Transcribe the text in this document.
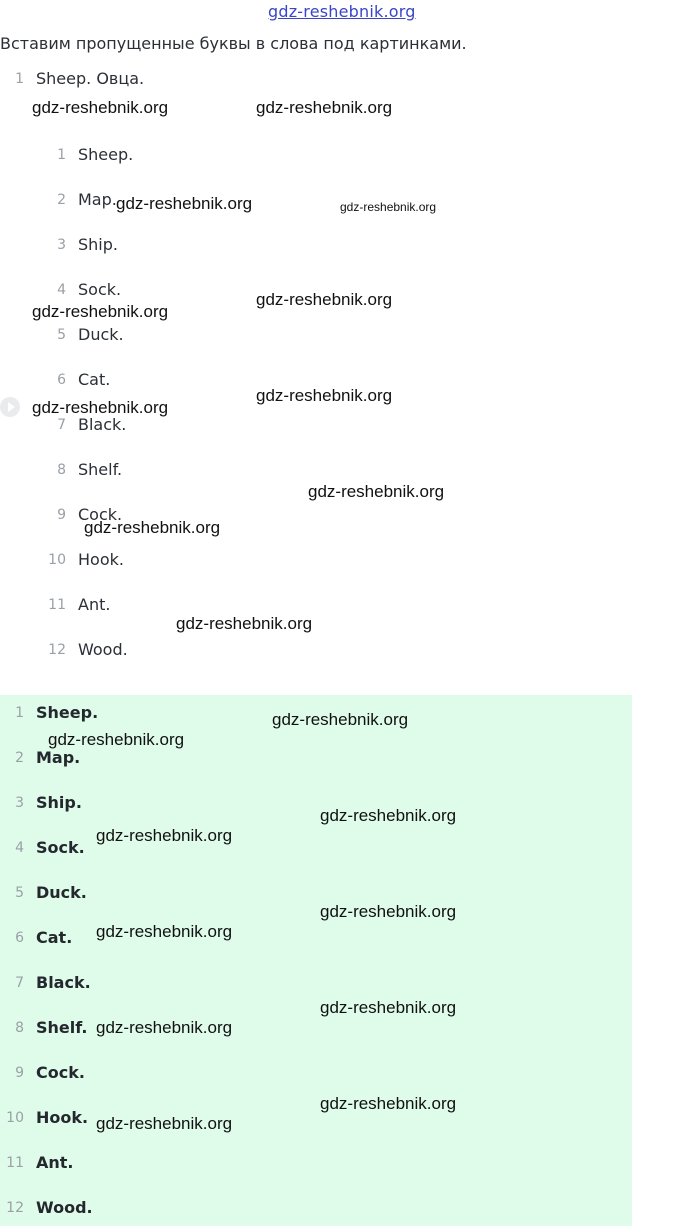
gdz-reshebnik.org
Вставим пропущенные буквы в слова под картинками.
1 Sheep. Овца.
1 Sheep.
2 Map.
3 Ship.
4 Sock.
5 Duck.
6 Cat.
7 Black.
8 Shelf.
9 Cock.
10 Hook.
11 Ant.
12 Wood.
1 Sheep.
2 Map.
3 Ship.
4 Sock.
5 Duck.
6 Cat.
7 Black.
8 Shelf.
9 Cock.
10 Hook.
11 Ant.
12 Wood.
gdz-reshebnik.org	gdz-reshebnik.org
gdz-reshebnik.org	gdz-reshebnik.org
gdz-reshebnik.org
gdz-reshebnik.org
gdz-reshebnik.org
gdz-reshebnik.org
gdz-reshebnik.org
gdz-reshebnik.org
gdz-reshebnik.org
gdz-reshebnik.org
gdz-reshebnik.org
gdz-reshebnik.org
gdz-reshebnik.org
gdz-reshebnik.org
gdz-reshebnik.org
gdz-reshebnik.org
gdz-reshebnik.org
gdz-reshebnik.org
gdz-reshebnik.org
